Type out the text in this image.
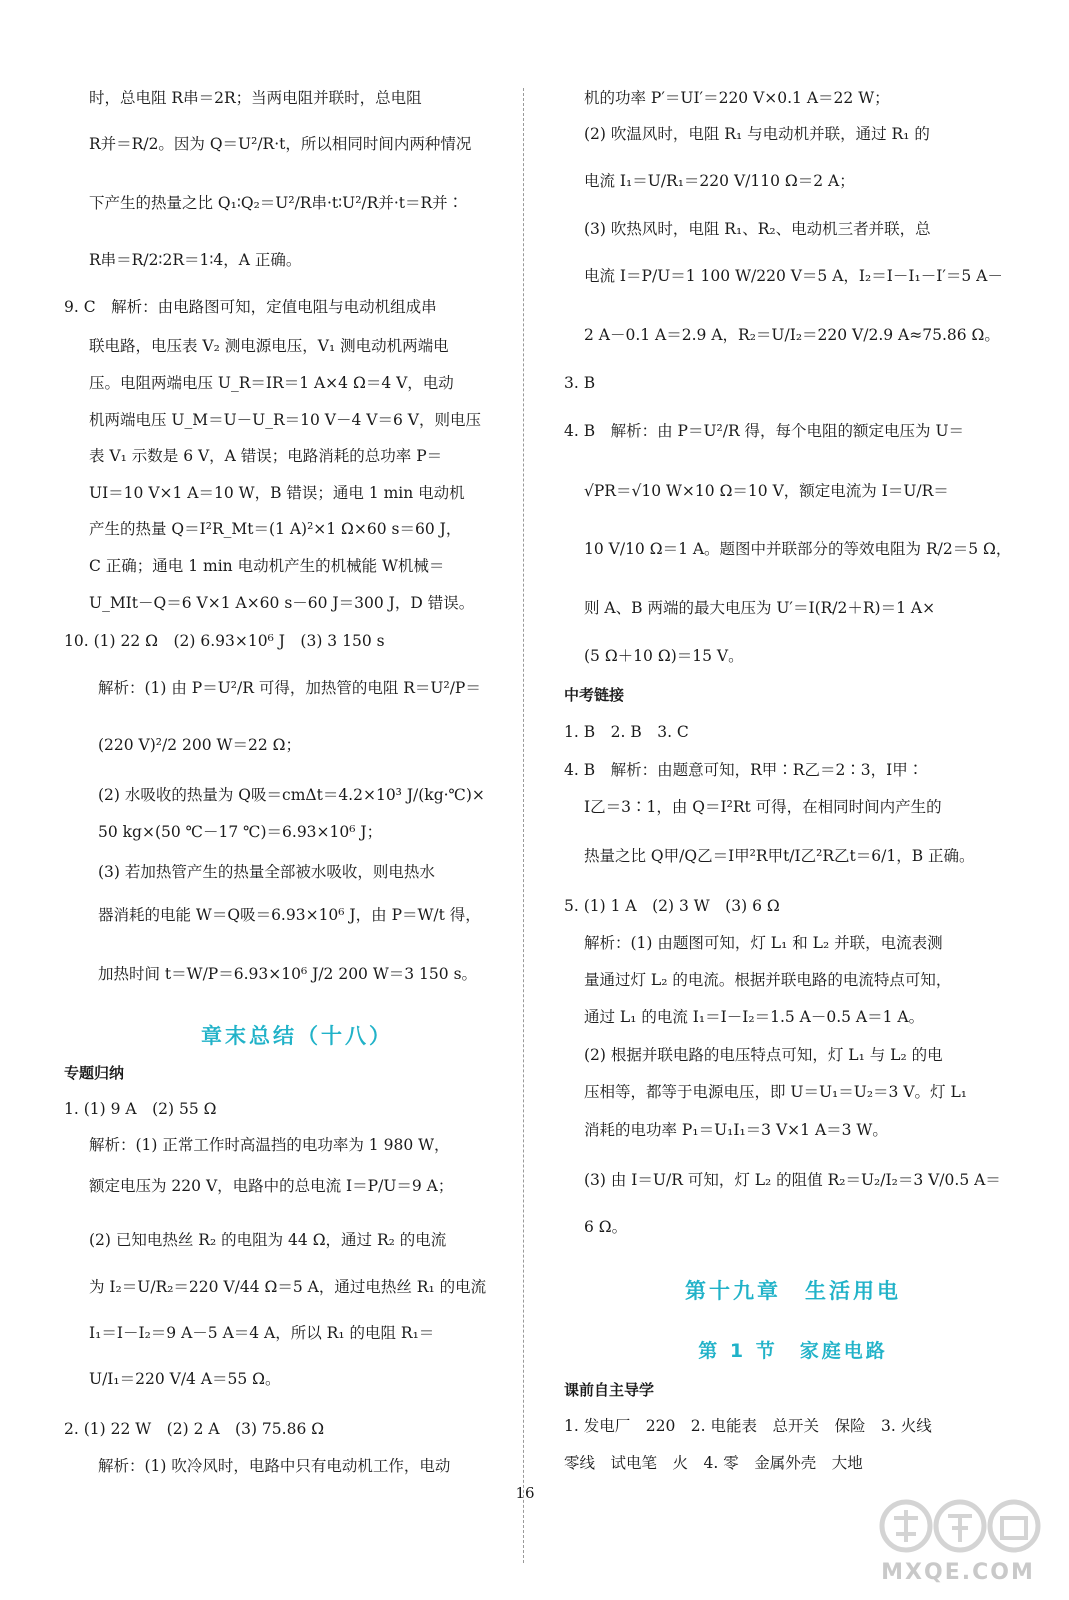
时，总电阻 R串＝2R；当两电阻并联时，总电阻
R并＝R/2。因为 Q＝U²/R·t，所以相同时间内两种情况
下产生的热量之比 Q₁∶Q₂＝U²/R串·t∶U²/R并·t＝R并∶
R串＝R/2∶2R＝1∶4，A 正确。
9. C　解析：由电路图可知，定值电阻与电动机组成串
联电路，电压表 V₂ 测电源电压，V₁ 测电动机两端电
压。电阻两端电压 U_R＝IR＝1 A×4 Ω＝4 V，电动
机两端电压 U_M＝U－U_R＝10 V－4 V＝6 V，则电压
表 V₁ 示数是 6 V，A 错误；电路消耗的总功率 P＝
UI＝10 V×1 A＝10 W，B 错误；通电 1 min 电动机
产生的热量 Q＝I²R_Mt＝(1 A)²×1 Ω×60 s＝60 J，
C 正确；通电 1 min 电动机产生的机械能 W机械＝
U_MIt－Q＝6 V×1 A×60 s－60 J＝300 J，D 错误。
10. (1) 22 Ω　(2) 6.93×10⁶ J　(3) 3 150 s
解析：(1) 由 P＝U²/R 可得，加热管的电阻 R＝U²/P＝
(220 V)²/2 200 W＝22 Ω；
(2) 水吸收的热量为 Q吸＝cmΔt＝4.2×10³ J/(kg·℃)×
50 kg×(50 ℃－17 ℃)＝6.93×10⁶ J；
(3) 若加热管产生的热量全部被水吸收，则电热水
器消耗的电能 W＝Q吸＝6.93×10⁶ J，由 P＝W/t 得，
加热时间 t＝W/P＝6.93×10⁶ J/2 200 W＝3 150 s。
专题归纳
1. (1) 9 A　(2) 55 Ω
解析：(1) 正常工作时高温挡的电功率为 1 980 W，
额定电压为 220 V，电路中的总电流 I＝P/U＝9 A；
(2) 已知电热丝 R₂ 的电阻为 44 Ω，通过 R₂ 的电流
为 I₂＝U/R₂＝220 V/44 Ω＝5 A，通过电热丝 R₁ 的电流
I₁＝I－I₂＝9 A－5 A＝4 A，所以 R₁ 的电阻 R₁＝
U/I₁＝220 V/4 A＝55 Ω。
2. (1) 22 W　(2) 2 A　(3) 75.86 Ω
解析：(1) 吹冷风时，电路中只有电动机工作，电动
章末总结（十八）
机的功率 P′＝UI′＝220 V×0.1 A＝22 W；
(2) 吹温风时，电阻 R₁ 与电动机并联，通过 R₁ 的
电流 I₁＝U/R₁＝220 V/110 Ω＝2 A；
(3) 吹热风时，电阻 R₁、R₂、电动机三者并联，总
电流 I＝P/U＝1 100 W/220 V＝5 A，I₂＝I－I₁－I′＝5 A－
2 A－0.1 A＝2.9 A，R₂＝U/I₂＝220 V/2.9 A≈75.86 Ω。
3. B
4. B　解析：由 P＝U²/R 得，每个电阻的额定电压为 U＝
√PR＝√10 W×10 Ω＝10 V，额定电流为 I＝U/R＝
10 V/10 Ω＝1 A。题图中并联部分的等效电阻为 R/2＝5 Ω，
则 A、B 两端的最大电压为 U′＝I(R/2＋R)＝1 A×
(5 Ω＋10 Ω)＝15 V。
中考链接
1. B　2. B　3. C
4. B　解析：由题意可知，R甲∶R乙＝2∶3，I甲∶
I乙＝3∶1，由 Q＝I²Rt 可得，在相同时间内产生的
热量之比 Q甲/Q乙＝I甲²R甲t/I乙²R乙t＝6/1，B 正确。
5. (1) 1 A　(2) 3 W　(3) 6 Ω
解析：(1) 由题图可知，灯 L₁ 和 L₂ 并联，电流表测
量通过灯 L₂ 的电流。根据并联电路的电流特点可知，
通过 L₁ 的电流 I₁＝I－I₂＝1.5 A－0.5 A＝1 A。
(2) 根据并联电路的电压特点可知，灯 L₁ 与 L₂ 的电
压相等，都等于电源电压，即 U＝U₁＝U₂＝3 V。灯 L₁
消耗的电功率 P₁＝U₁I₁＝3 V×1 A＝3 W。
(3) 由 I＝U/R 可知，灯 L₂ 的阻值 R₂＝U₂/I₂＝3 V/0.5 A＝
6 Ω。
课前自主导学
1. 发电厂　220　2. 电能表　总开关　保险　3. 火线
零线　试电笔　火　4. 零　金属外壳　大地
第十九章　生活用电
第 1 节　家庭电路
16
MXQE.COM
